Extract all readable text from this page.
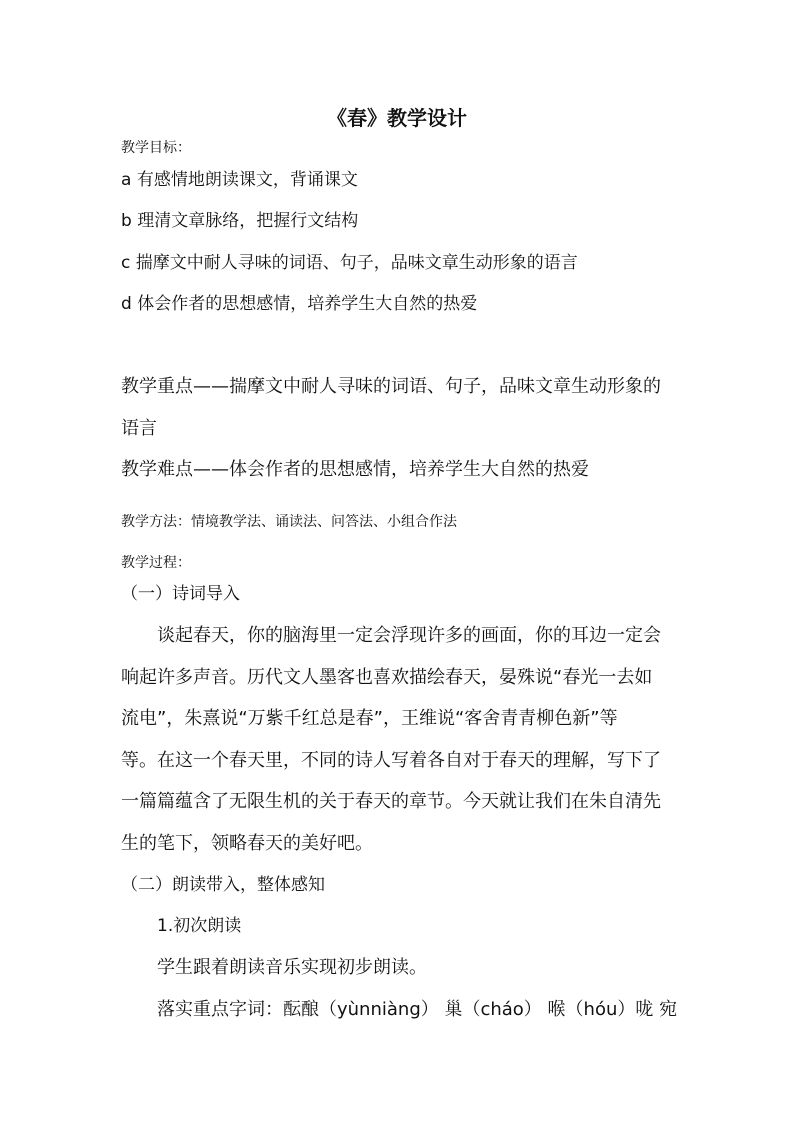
《春》教学设计
教学目标：
a 有感情地朗读课文，背诵课文
b 理清文章脉络，把握行文结构
c 揣摩文中耐人寻味的词语、句子，品味文章生动形象的语言
d 体会作者的思想感情，培养学生大自然的热爱
教学重点——揣摩文中耐人寻味的词语、句子，品味文章生动形象的
语言
教学难点——体会作者的思想感情，培养学生大自然的热爱
教学方法：情境教学法、诵读法、问答法、小组合作法
教学过程：
（一）诗词导入
谈起春天，你的脑海里一定会浮现许多的画面，你的耳边一定会
响起许多声音。历代文人墨客也喜欢描绘春天，晏殊说“春光一去如
流电”，朱熹说“万紫千红总是春”，王维说“客舍青青柳色新”等
等。在这一个春天里，不同的诗人写着各自对于春天的理解，写下了
一篇篇蕴含了无限生机的关于春天的章节。今天就让我们在朱自清先
生的笔下，领略春天的美好吧。
（二）朗读带入，整体感知
1.初次朗读
学生跟着朗读音乐实现初步朗读。
落实重点字词：酝酿（yùnniàng） 巢（cháo） 喉（hóu）咙 宛
